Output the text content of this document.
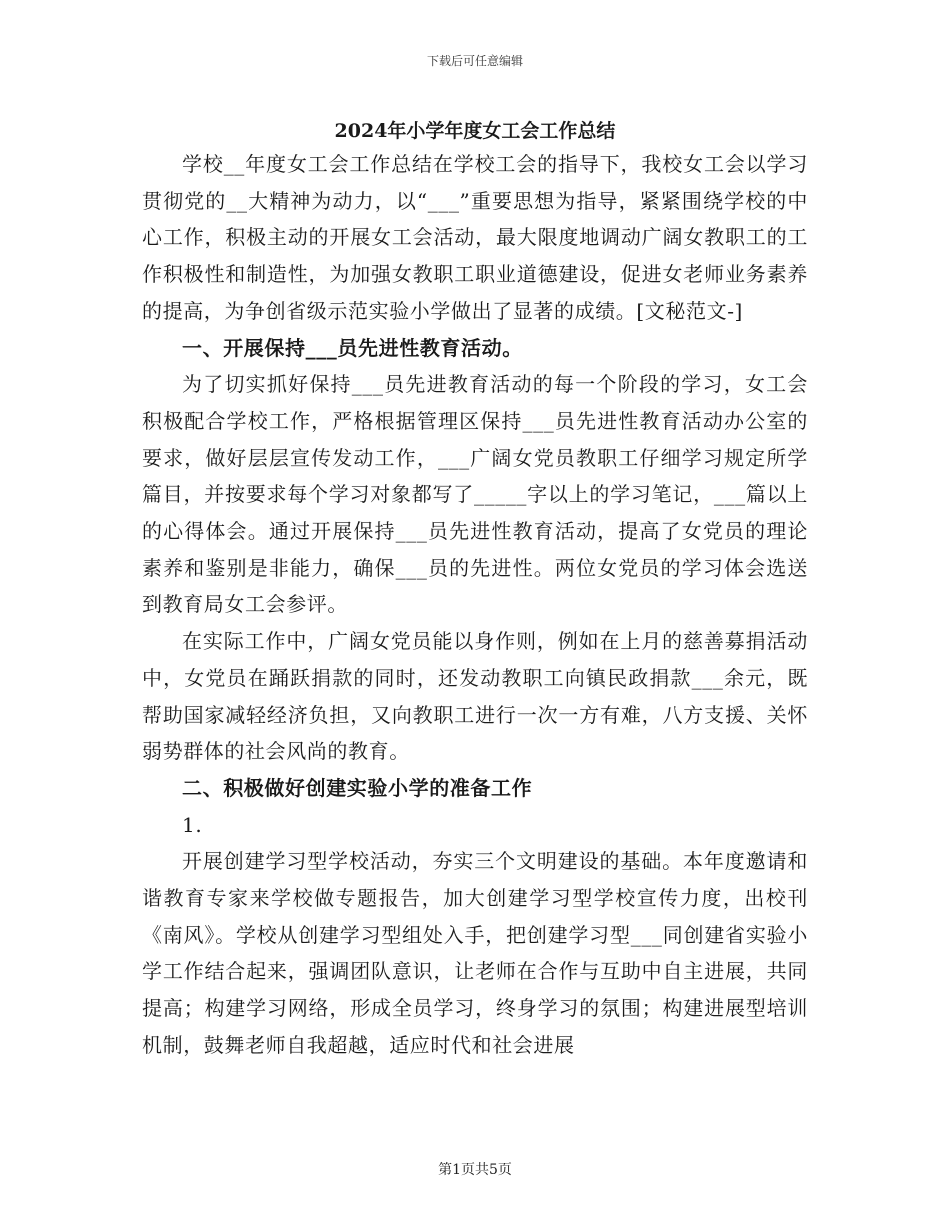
下载后可任意编辑
2024年小学年度女工会工作总结

学校__年度女工会工作总结在学校工会的指导下，我校女工会以学习贯彻党的__大精神为动力，以“___”重要思想为指导，紧紧围绕学校的中心工作，积极主动的开展女工会活动，最大限度地调动广阔女教职工的工作积极性和制造性，为加强女教职工职业道德建设，促进女老师业务素养的提高，为争创省级示范实验小学做出了显著的成绩。[文秘范文-]

一、开展保持___员先进性教育活动。

为了切实抓好保持___员先进教育活动的每一个阶段的学习，女工会积极配合学校工作，严格根据管理区保持___员先进性教育活动办公室的要求，做好层层宣传发动工作，___广阔女党员教职工仔细学习规定所学篇目，并按要求每个学习对象都写了_____字以上的学习笔记，___篇以上的心得体会。通过开展保持___员先进性教育活动，提高了女党员的理论素养和鉴别是非能力，确保___员的先进性。两位女党员的学习体会选送到教育局女工会参评。

在实际工作中，广阔女党员能以身作则，例如在上月的慈善募捐活动中，女党员在踊跃捐款的同时，还发动教职工向镇民政捐款___余元，既帮助国家减轻经济负担，又向教职工进行一次一方有难，八方支援、关怀弱势群体的社会风尚的教育。

二、积极做好创建实验小学的准备工作

1.

开展创建学习型学校活动，夯实三个文明建设的基础。本年度邀请和谐教育专家来学校做专题报告，加大创建学习型学校宣传力度，出校刊《南风》。学校从创建学习型组处入手，把创建学习型___同创建省实验小学工作结合起来，强调团队意识，让老师在合作与互助中自主进展，共同提高；构建学习网络，形成全员学习，终身学习的氛围；构建进展型培训机制，鼓舞老师自我超越，适应时代和社会进展

第1页共5页
